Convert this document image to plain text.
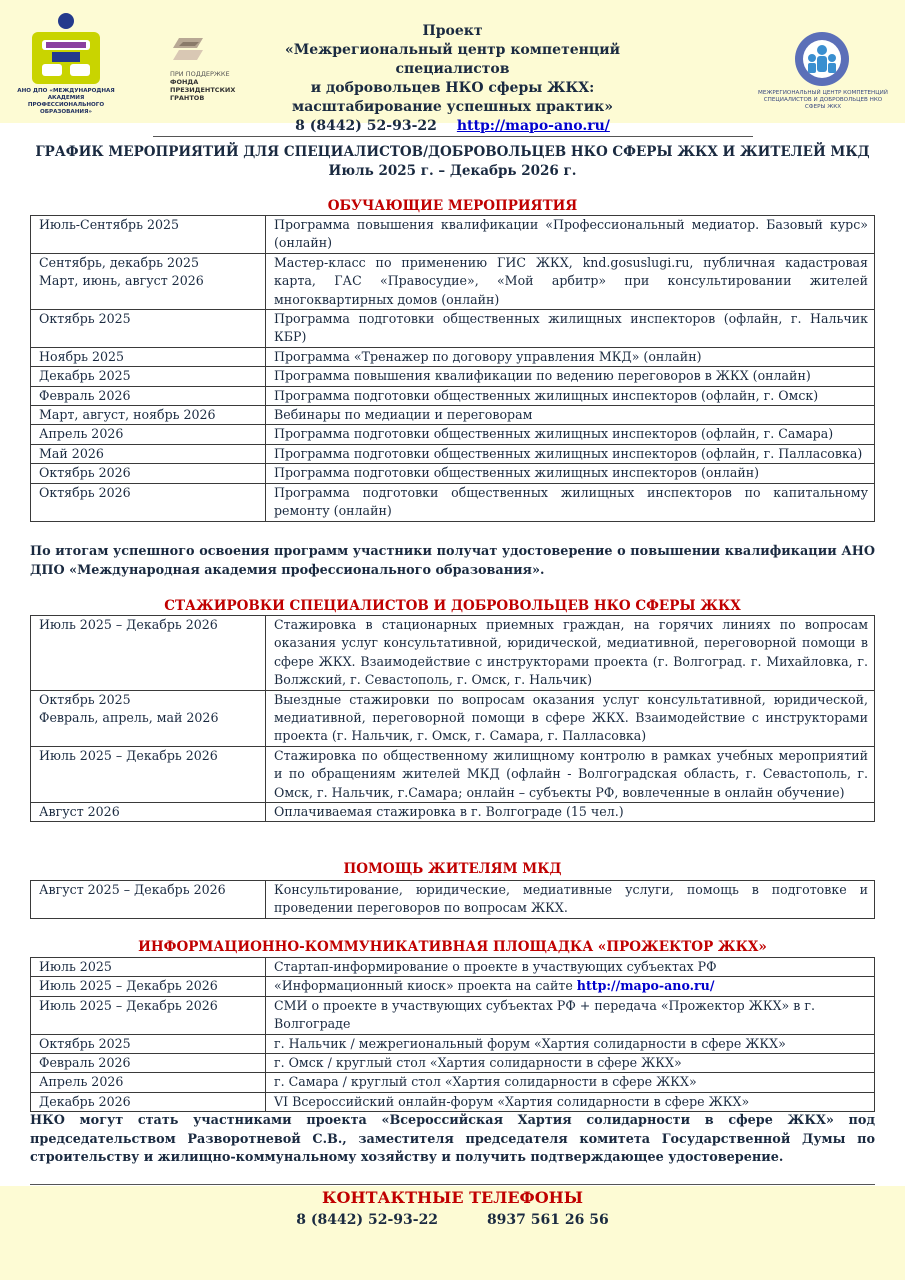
АНО ДПО «МЕЖДУНАРОДНАЯ АКАДЕМИЯ ПРОФЕССИОНАЛЬНОГО ОБРАЗОВАНИЯ»
ПРИ ПОДДЕРЖКЕ
ФОНДА
ПРЕЗИДЕНТСКИХ
ГРАНТОВ
МЕЖРЕГИОНАЛЬНЫЙ ЦЕНТР КОМПЕТЕНЦИЙ СПЕЦИАЛИСТОВ И ДОБРОВОЛЬЦЕВ НКО СФЕРЫ ЖКХ
Проект
«Межрегиональный центр компетенций специалистов
и добровольцев НКО сферы ЖКХ:
масштабирование успешных практик»
8 (8442) 52-93-22 http://mapo-ano.ru/
ГРАФИК МЕРОПРИЯТИЙ ДЛЯ СПЕЦИАЛИСТОВ/ДОБРОВОЛЬЦЕВ НКО СФЕРЫ ЖКХ И ЖИТЕЛЕЙ МКД
Июль 2025 г. – Декабрь 2026 г.
ОБУЧАЮЩИЕ МЕРОПРИЯТИЯ
Июль-Сентябрь 2025	Программа повышения квалификации «Профессиональный медиатор. Базовый курс» (онлайн)

Сентябрь, декабрь 2025
Март, июнь, август 2026	Мастер-класс по применению ГИС ЖКХ, knd.gosuslugi.ru, публичная кадастровая карта, ГАС «Правосудие», «Мой арбитр» при консультировании жителей многоквартирных домов (онлайн)
Октябрь 2025	Программа подготовки общественных жилищных инспекторов (офлайн, г. Нальчик КБР)
Ноябрь 2025	Программа «Тренажер по договору управления МКД» (онлайн)
Декабрь 2025	Программа повышения квалификации по ведению переговоров в ЖКХ (онлайн)
Февраль 2026	Программа подготовки общественных жилищных инспекторов (офлайн, г. Омск)
Март, август, ноябрь 2026	Вебинары по медиации и переговорам
Апрель 2026	Программа подготовки общественных жилищных инспекторов (офлайн, г. Самара)
Май 2026	Программа подготовки общественных жилищных инспекторов (офлайн, г. Палласовка)
Октябрь 2026	Программа подготовки общественных жилищных инспекторов (онлайн)
Октябрь 2026	Программа подготовки общественных жилищных инспекторов по капитальному ремонту (онлайн)
По итогам успешного освоения программ участники получат удостоверение о повышении квалификации АНО ДПО «Международная академия профессионального образования».
СТАЖИРОВКИ СПЕЦИАЛИСТОВ И ДОБРОВОЛЬЦЕВ НКО СФЕРЫ ЖКХ
Июль 2025 – Декабрь 2026	Стажировка в стационарных приемных граждан, на горячих линиях по вопросам оказания услуг консультативной, юридической, медиативной, переговорной помощи в сфере ЖКХ. Взаимодействие с инструкторами проекта (г. Волгоград. г. Михайловка, г. Волжский, г. Севастополь, г. Омск, г. Нальчик)

Октябрь 2025
Февраль, апрель, май 2026	Выездные стажировки по вопросам оказания услуг консультативной, юридической, медиативной, переговорной помощи в сфере ЖКХ. Взаимодействие с инструкторами проекта (г. Нальчик, г. Омск, г. Самара, г. Палласовка)
Июль 2025 – Декабрь 2026	Стажировка по общественному жилищному контролю в рамках учебных мероприятий и по обращениям жителей МКД (офлайн - Волгоградская область, г. Севастополь, г. Омск, г. Нальчик, г.Самара; онлайн – субъекты РФ, вовлеченные в онлайн обучение)
Август 2026	Оплачиваемая стажировка в г. Волгограде (15 чел.)
ПОМОЩЬ ЖИТЕЛЯМ МКД
Август 2025 – Декабрь 2026	Консультирование, юридические, медиативные услуги, помощь в подготовке и проведении переговоров по вопросам ЖКХ.
ИНФОРМАЦИОННО-КОММУНИКАТИВНАЯ ПЛОЩАДКА «ПРОЖЕКТОР ЖКХ»
Июль 2025	Стартап-информирование о проекте в участвующих субъектах РФ
Июль 2025 – Декабрь 2026	«Информационный киоск» проекта на сайте http://mapo-ano.ru/
Июль 2025 – Декабрь 2026	СМИ о проекте в участвующих субъектах РФ + передача «Прожектор ЖКХ» в г. Волгограде
Октябрь 2025	г. Нальчик / межрегиональный форум «Хартия солидарности в сфере ЖКХ»
Февраль 2026	г. Омск / круглый стол «Хартия солидарности в сфере ЖКХ»
Апрель 2026	г. Самара / круглый стол «Хартия солидарности в сфере ЖКХ»
Декабрь 2026	VI Всероссийский онлайн-форум «Хартия солидарности в сфере ЖКХ»
НКО могут стать участниками проекта «Всероссийская Хартия солидарности в сфере ЖКХ» под председательством Разворотневой С.В., заместителя председателя комитета Государственной Думы по строительству и жилищно-коммунальному хозяйству и получить подтверждающее удостоверение.
КОНТАКТНЫЕ ТЕЛЕФОНЫ
8 (8442) 52-93-22	8937 561 26 56
